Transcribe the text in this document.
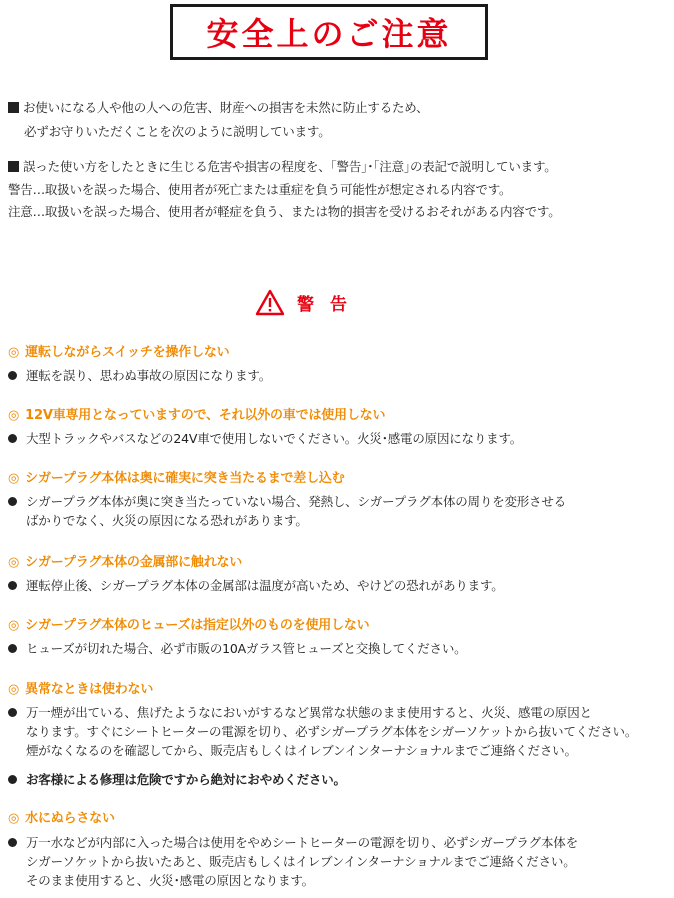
安全上のご注意
お使いになる人や他の人への危害、財産への損害を未然に防止するため、
必ずお守りいただくことを次のように説明しています。
誤った使い方をしたときに生じる危害や損害の程度を、｢警告｣･｢注意｣の表記で説明しています。
警告…取扱いを誤った場合、使用者が死亡または重症を負う可能性が想定される内容です。
注意…取扱いを誤った場合、使用者が軽症を負う、または物的損害を受けるおそれがある内容です。
警告
◎ 運転しながらスイッチを操作しない
運転を誤り、思わぬ事故の原因になります。
◎ 12V車専用となっていますので、それ以外の車では使用しない
大型トラックやバスなどの24V車で使用しないでください。火災･感電の原因になります。
◎ シガープラグ本体は奥に確実に突き当たるまで差し込む
シガープラグ本体が奥に突き当たっていない場合、発熱し、シガープラグ本体の周りを変形させる
ばかりでなく、火災の原因になる恐れがあります。
◎ シガープラグ本体の金属部に触れない
運転停止後、シガープラグ本体の金属部は温度が高いため、やけどの恐れがあります。
◎ シガープラグ本体のヒューズは指定以外のものを使用しない
ヒューズが切れた場合、必ず市販の10Aガラス管ヒューズと交換してください。
◎ 異常なときは使わない
万一煙が出ている、焦げたようなにおいがするなど異常な状態のまま使用すると、火災、感電の原因と
なります。すぐにシートヒーターの電源を切り、必ずシガープラグ本体をシガーソケットから抜いてください。
煙がなくなるのを確認してから、販売店もしくはイレブンインターナショナルまでご連絡ください。
お客様による修理は危険ですから絶対におやめください。
◎ 水にぬらさない
万一水などが内部に入った場合は使用をやめシートヒーターの電源を切り、必ずシガープラグ本体を
シガーソケットから抜いたあと、販売店もしくはイレブンインターナショナルまでご連絡ください。
そのまま使用すると、火災･感電の原因となります。
